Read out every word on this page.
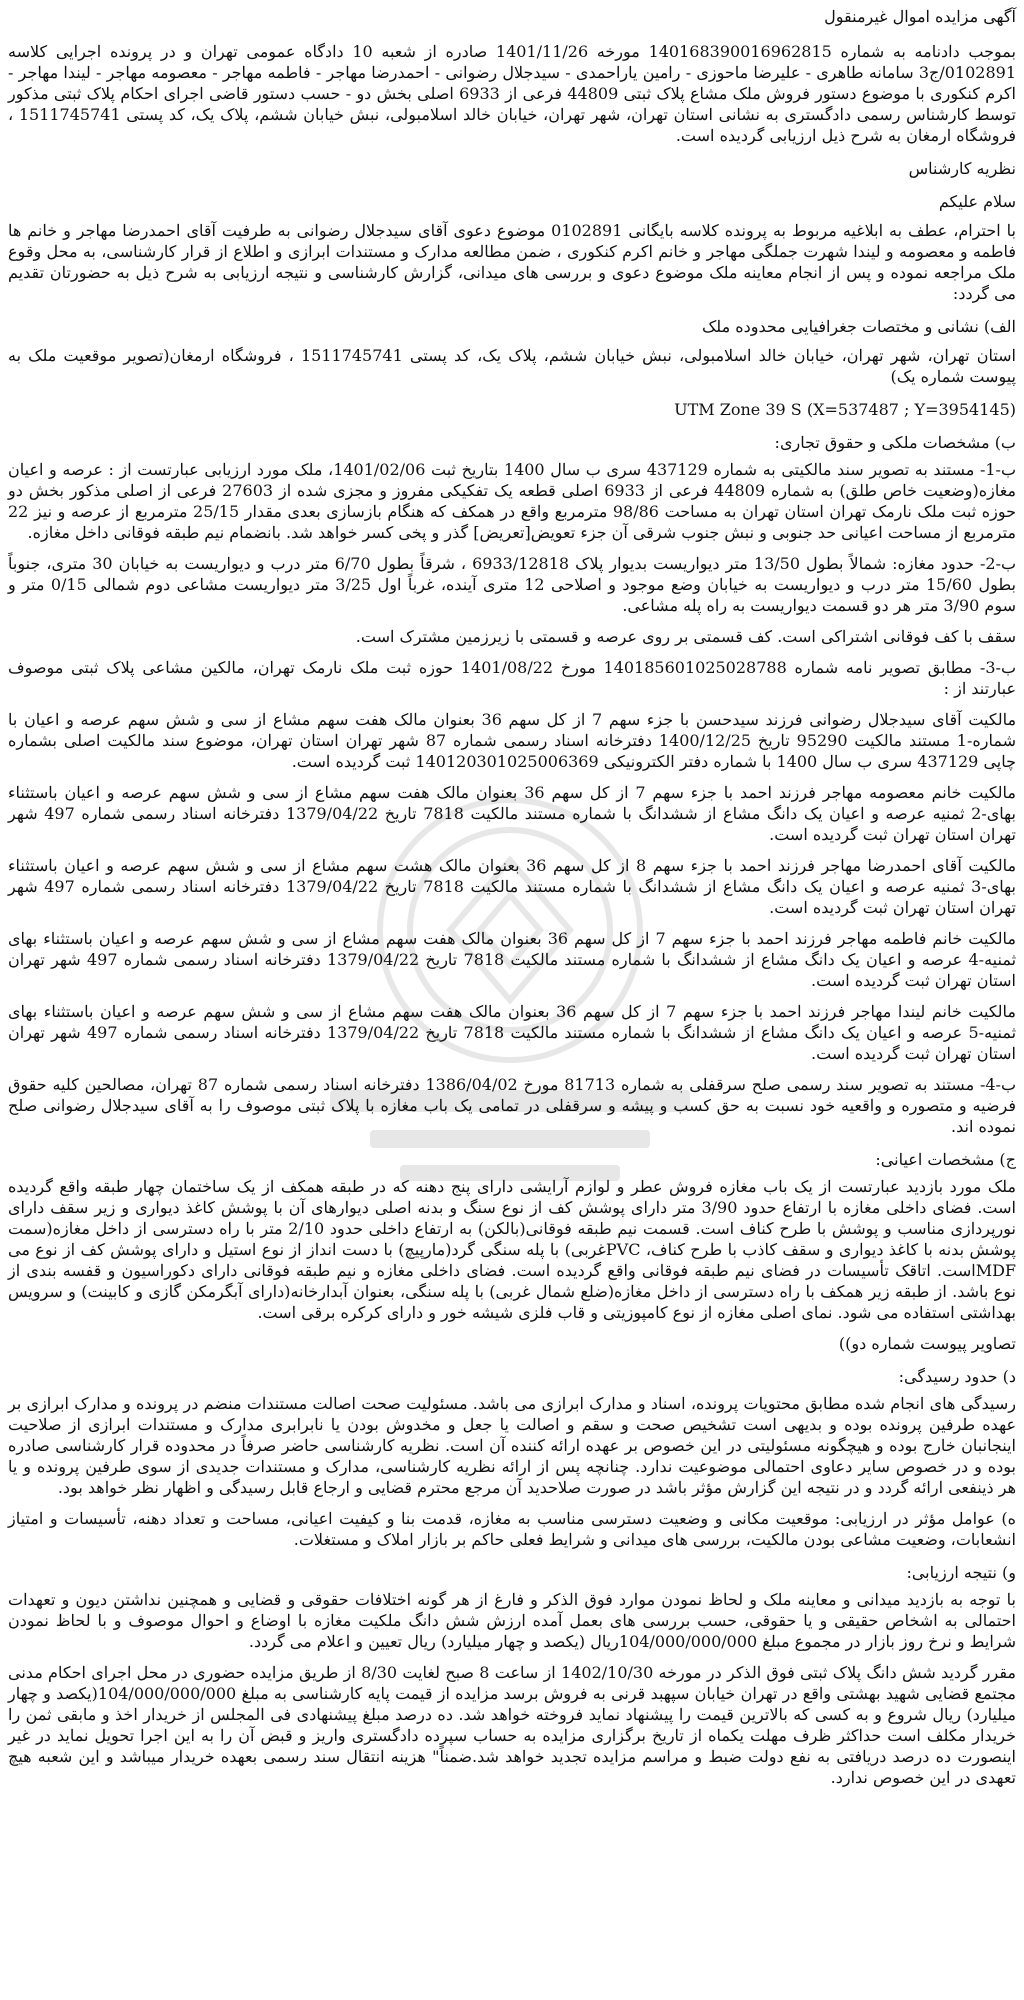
آگهی مزایده اموال غیرمنقول

بموجب دادنامه به شماره 140168390016962815 مورخه 1401/11/26 صادره از شعبه 10 دادگاه عمومی تهران و در پرونده اجرایی کلاسه 0102891/ج3 سامانه طاهری - علیرضا ماحوزی - رامین یاراحمدی - سیدجلال رضوانی - احمدرضا مهاجر - فاطمه مهاجر - معصومه مهاجر - لیندا مهاجر - اکرم کنکوری با موضوع دستور فروش ملک مشاع پلاک ثبتی 44809 فرعی از 6933 اصلی بخش دو - حسب دستور قاضی اجرای احکام پلاک ثبتی مذکور توسط کارشناس رسمی دادگستری به نشانی استان تهران، شهر تهران، خیابان خالد اسلامبولی، نبش خیابان ششم، پلاک یک، کد پستی 1511745741 ، فروشگاه ارمغان به شرح ذیل ارزیابی گردیده است.

نظریه کارشناس

سلام علیکم

با احترام، عطف به ابلاغیه مربوط به پرونده کلاسه بایگانی 0102891 موضوع دعوی آقای سیدجلال رضوانی به طرفیت آقای احمدرضا مهاجر و خانم ها فاطمه و معصومه و لیندا شهرت جملگی مهاجر و خانم اکرم کنکوری ، ضمن مطالعه مدارک و مستندات ابرازی و اطلاع از قرار کارشناسی، به محل وقوع ملک مراجعه نموده و پس از انجام معاینه ملک موضوع دعوی و بررسی های میدانی، گزارش کارشناسی و نتیجه ارزیابی به شرح ذیل به حضورتان تقدیم می گردد:

الف) نشانی و مختصات جغرافیایی محدوده ملک

استان تهران، شهر تهران، خیابان خالد اسلامبولی، نبش خیابان ششم، پلاک یک، کد پستی 1511745741 ، فروشگاه ارمغان(تصویر موقعیت ملک به پیوست شماره یک)

UTM Zone 39 S (X=537487 ; Y=3954145)

ب) مشخصات ملکی و حقوق تجاری:

ب-1- مستند به تصویر سند مالکیتی به شماره 437129 سری ب سال 1400 بتاریخ ثبت 1401/02/06، ملک مورد ارزیابی عبارتست از : عرصه و اعیان مغازه(وضعیت خاص طلق) به شماره 44809 فرعی از 6933 اصلی قطعه یک تفکیکی مفروز و مجزی شده از 27603 فرعی از اصلی مذکور بخش دو حوزه ثبت ملک نارمک تهران استان تهران به مساحت 98/86 مترمربع واقع در همکف که هنگام بازسازی بعدی مقدار 25/15 مترمربع از عرصه و نیز 22 مترمربع از مساحت اعیانی حد جنوبی و نبش جنوب شرقی آن جزء تعویض[تعریض] گذر و پخی کسر خواهد شد. بانضمام نیم طبقه فوقانی داخل مغازه.

ب-2- حدود مغازه: شمالاً بطول 13/50 متر دیواریست بدیوار پلاک 6933/12818 ، شرقاً بطول 6/70 متر درب و دیواریست به خیابان 30 متری، جنوباً بطول 15/60 متر درب و دیواریست به خیابان وضع موجود و اصلاحی 12 متری آینده، غرباً اول 3/25 متر دیواریست مشاعی دوم شمالی 0/15 متر و سوم 3/90 متر هر دو قسمت دیواریست به راه پله مشاعی.

سقف با کف فوقانی اشتراکی است. کف قسمتی بر روی عرصه و قسمتی با زیرزمین مشترک است.

ب-3- مطابق تصویر نامه شماره 140185601025028788 مورخ 1401/08/22 حوزه ثبت ملک نارمک تهران، مالکین مشاعی پلاک ثبتی موصوف عبارتند از :

مالکیت آقای سیدجلال رضوانی فرزند سیدحسن با جزء سهم 7 از کل سهم 36 بعنوان مالک هفت سهم مشاع از سی و شش سهم عرصه و اعیان با شماره-1 مستند مالکیت 95290 تاریخ 1400/12/25 دفترخانه اسناد رسمی شماره 87 شهر تهران استان تهران، موضوع سند مالکیت اصلی بشماره چاپی 437129 سری ب سال 1400 با شماره دفتر الکترونیکی 140120301025006369 ثبت گردیده است.

مالکیت خانم معصومه مهاجر فرزند احمد با جزء سهم 7 از کل سهم 36 بعنوان مالک هفت سهم مشاع از سی و شش سهم عرصه و اعیان باستثناء بهای-2 ثمنیه عرصه و اعیان یک دانگ مشاع از ششدانگ با شماره مستند مالکیت 7818 تاریخ 1379/04/22 دفترخانه اسناد رسمی شماره 497 شهر تهران استان تهران ثبت گردیده است.

مالکیت آقای احمدرضا مهاجر فرزند احمد با جزء سهم 8 از کل سهم 36 بعنوان مالک هشت سهم مشاع از سی و شش سهم عرصه و اعیان باستثناء بهای-3 ثمنیه عرصه و اعیان یک دانگ مشاع از ششدانگ با شماره مستند مالکیت 7818 تاریخ 1379/04/22 دفترخانه اسناد رسمی شماره 497 شهر تهران استان تهران ثبت گردیده است.

مالکیت خانم فاطمه مهاجر فرزند احمد با جزء سهم 7 از کل سهم 36 بعنوان مالک هفت سهم مشاع از سی و شش سهم عرصه و اعیان باستثناء بهای ثمنیه-4 عرصه و اعیان یک دانگ مشاع از ششدانگ با شماره مستند مالکیت 7818 تاریخ 1379/04/22 دفترخانه اسناد رسمی شماره 497 شهر تهران استان تهران ثبت گردیده است.

مالکیت خانم لیندا مهاجر فرزند احمد با جزء سهم 7 از کل سهم 36 بعنوان مالک هفت سهم مشاع از سی و شش سهم عرصه و اعیان باستثناء بهای ثمنیه-5 عرصه و اعیان یک دانگ مشاع از ششدانگ با شماره مستند مالکیت 7818 تاریخ 1379/04/22 دفترخانه اسناد رسمی شماره 497 شهر تهران استان تهران ثبت گردیده است.

ب-4- مستند به تصویر سند رسمی صلح سرقفلی به شماره 81713 مورخ 1386/04/02 دفترخانه اسناد رسمی شماره 87 تهران، مصالحین کلیه حقوق فرضیه و متصوره و واقعیه خود نسبت به حق کسب و پیشه و سرقفلی در تمامی یک باب مغازه با پلاک ثبتی موصوف را به آقای سیدجلال رضوانی صلح نموده اند.

ج) مشخصات اعیانی:

ملک مورد بازدید عبارتست از یک باب مغازه فروش عطر و لوازم آرایشی دارای پنج دهنه که در طبقه همکف از یک ساختمان چهار طبقه واقع گردیده است. فضای داخلی مغازه با ارتفاع حدود 3/90 متر دارای پوشش کف از نوع سنگ و بدنه اصلی دیوارهای آن با پوشش کاغذ دیواری و زیر سقف دارای نورپردازی مناسب و پوشش با طرح کناف است. قسمت نیم طبقه فوقانی(بالکن) به ارتفاع داخلی حدود 2/10 متر با راه دسترسی از داخل مغازه(سمت پوشش بدنه با کاغذ دیواری و سقف کاذب با طرح کناف، PVCغربی) با پله سنگی گرد(مارپیچ) با دست انداز از نوع استیل و دارای پوشش کف از نوع می MDFاست. اتاقک تأسیسات در فضای نیم طبقه فوقانی واقع گردیده است. فضای داخلی مغازه و نیم طبقه فوقانی دارای دکوراسیون و قفسه بندی از نوع باشد. از طبقه زیر همکف با راه دسترسی از داخل مغازه(ضلع شمال غربی) با پله سنگی، بعنوان آبدارخانه(دارای آبگرمکن گازی و کابینت) و سرویس بهداشتی استفاده می شود. نمای اصلی مغازه از نوع کامپوزیتی و قاب فلزی شیشه خور و دارای کرکره برقی است.

تصاویر پیوست شماره دو))

د) حدود رسیدگی:

رسیدگی های انجام شده مطابق محتویات پرونده، اسناد و مدارک ابرازی می باشد. مسئولیت صحت اصالت مستندات منضم در پرونده و مدارک ابرازی بر عهده طرفین پرونده بوده و بدیهی است تشخیص صحت و سقم و اصالت یا جعل و مخدوش بودن یا نابرابری مدارک و مستندات ابرازی از صلاحیت اینجانبان خارج بوده و هیچگونه مسئولیتی در این خصوص بر عهده ارائه کننده آن است. نظریه کارشناسی حاضر صرفاً در محدوده قرار کارشناسی صادره بوده و در خصوص سایر دعاوی احتمالی موضوعیت ندارد. چنانچه پس از ارائه نظریه کارشناسی، مدارک و مستندات جدیدی از سوی طرفین پرونده و یا هر ذینفعی ارائه گردد و در نتیجه این گزارش مؤثر باشد در صورت صلاحدید آن مرجع محترم قضایی و ارجاع قابل رسیدگی و اظهار نظر خواهد بود.

ه) عوامل مؤثر در ارزیابی: موقعیت مکانی و وضعیت دسترسی مناسب به مغازه، قدمت بنا و کیفیت اعیانی، مساحت و تعداد دهنه، تأسیسات و امتیاز انشعابات، وضعیت مشاعی بودن مالکیت، بررسی های میدانی و شرایط فعلی حاکم بر بازار املاک و مستغلات.

و) نتیجه ارزیابی:

با توجه به بازدید میدانی و معاینه ملک و لحاظ نمودن موارد فوق الذکر و فارغ از هر گونه اختلافات حقوقی و قضایی و همچنین نداشتن دیون و تعهدات احتمالی به اشخاص حقیقی و یا حقوقی، حسب بررسی های بعمل آمده ارزش شش دانگ ملکیت مغازه با اوضاع و احوال موصوف و با لحاظ نمودن شرایط و نرخ روز بازار در مجموع مبلغ 104/000/000/000ریال (یکصد و چهار میلیارد) ریال تعیین و اعلام می گردد.

مقرر گردید شش دانگ پلاک ثبتی فوق الذکر در مورخه 1402/10/30 از ساعت 8 صبح لغایت 8/30 از طریق مزایده حضوری در محل اجرای احکام مدنی مجتمع قضایی شهید بهشتی واقع در تهران خیابان سپهبد قرنی به فروش برسد مزایده از قیمت پایه کارشناسی به مبلغ 104/000/000/000(یکصد و چهار میلیارد) ریال شروع و به کسی که بالاترین قیمت را پیشنهاد نماید فروخته خواهد شد. ده درصد مبلغ پیشنهادی فی المجلس از خریدار اخذ و مابقی ثمن را خریدار مکلف است حداکثر ظرف مهلت یکماه از تاریخ برگزاری مزایده به حساب سپرده دادگستری واریز و قبض آن را به این اجرا تحویل نماید در غیر اینصورت ده درصد دریافتی به نفع دولت ضبط و مراسم مزایده تجدید خواهد شد.ضمناً" هزینه انتقال سند رسمی بعهده خریدار میباشد و این شعبه هیچ تعهدی در این خصوص ندارد.
